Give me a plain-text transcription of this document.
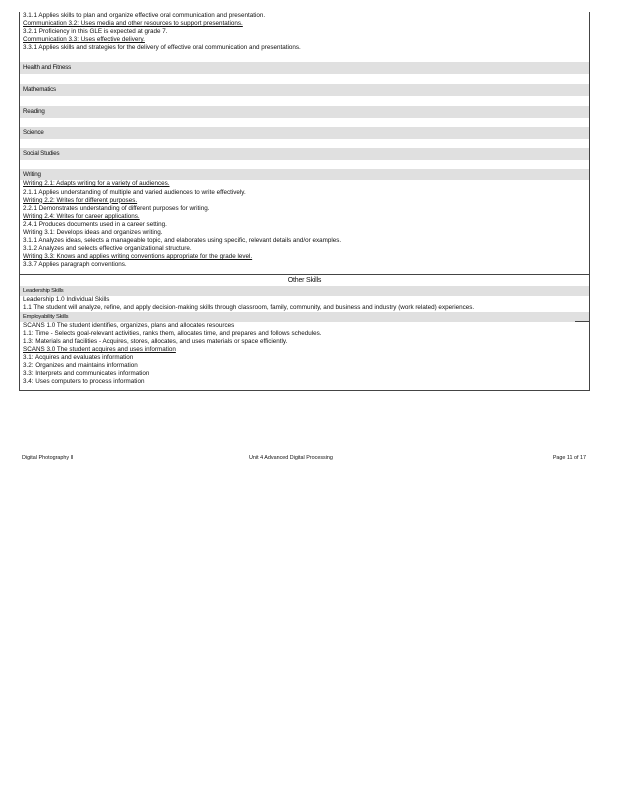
3.1.1 Applies skills to plan and organize effective oral communication and presentation.
Communication 3.2: Uses media and other resources to support presentations.
3.2.1 Proficiency in this GLE is expected at grade 7.
Communication 3.3: Uses effective delivery.
3.3.1 Applies skills and strategies for the delivery of effective oral communication and presentations.
Health and Fitness
Mathematics
Reading
Science
Social Studies
Writing
Writing 2.1: Adapts writing for a variety of audiences.
2.1.1 Applies understanding of multiple and varied audiences to write effectively.
Writing 2.2: Writes for different purposes.
2.2.1 Demonstrates understanding of different purposes for writing.
Writing 2.4: Writes for career applications.
2.4.1 Produces documents used in a career setting.
Writing 3.1: Develops ideas and organizes writing.
3.1.1 Analyzes ideas, selects a manageable topic, and elaborates using specific, relevant details and/or examples.
3.1.2 Analyzes and selects effective organizational structure.
Writing 3.3: Knows and applies writing conventions appropriate for the grade level.
3.3.7 Applies paragraph conventions.
Other Skills
Leadership Skills
Leadership 1.0 Individual Skills
1.1 The student will analyze, refine, and apply decision-making skills through classroom, family, community, and business and industry (work related) experiences.
Employability Skills
SCANS 1.0 The student identifies, organizes, plans and allocates resources
1.1: Time - Selects goal-relevant activities, ranks them, allocates time, and prepares and follows schedules.
1.3: Materials and facilities - Acquires, stores, allocates, and uses materials or space efficiently.
SCANS 3.0 The student acquires and uses information
3.1: Acquires and evaluates information
3.2: Organizes and maintains information
3.3: Interprets and communicates information
3.4: Uses computers to process information
Digital Photography II	Unit 4 Advanced Digital Processing	Page 11 of 17
